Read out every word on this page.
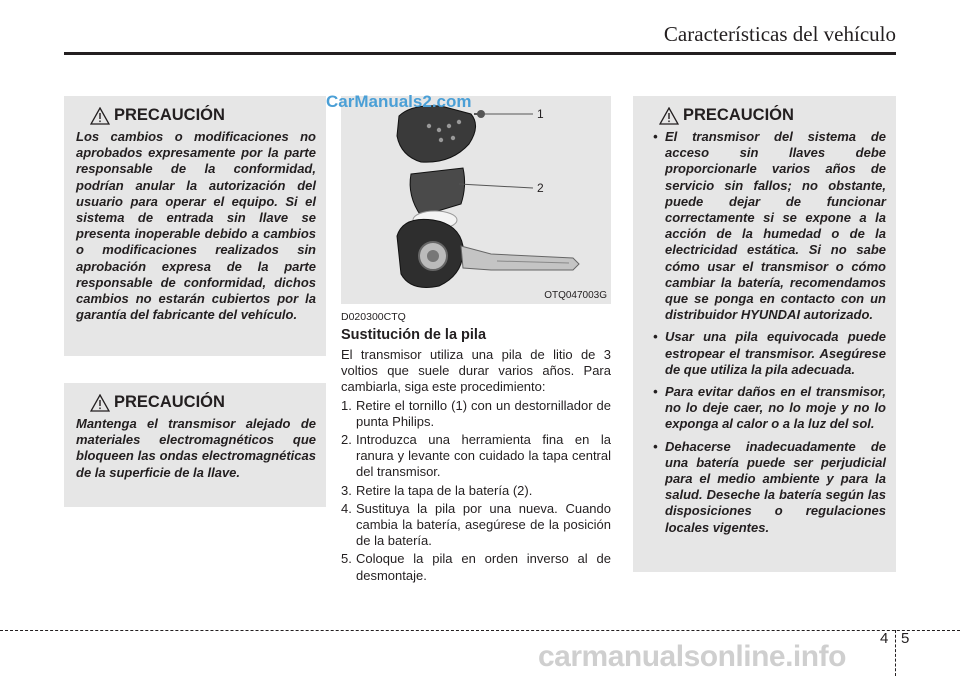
Características del vehículo
PRECAUCIÓN
Los cambios o modificaciones no aprobados expresamente por la parte responsable de la conformidad, podrían anular la autorización del usuario para operar el equipo. Si el sistema de entrada sin llave se presenta inoperable debido a cambios o modificaciones realizados sin aprobación expresa de la parte responsable de conformidad, dichos cambios no estarán cubiertos por la garantía del fabricante del vehículo.
PRECAUCIÓN
Mantenga el transmisor alejado de materiales electromagnéticos que bloqueen las ondas electromagnéticas de la superficie de la llave.
1
2
OTQ047003G
CarManuals2.com
D020300CTQ
Sustitución de la pila

El transmisor utiliza una pila de litio de 3 voltios que suele durar varios años. Para cambiarla, siga este procedimiento:

1. Retire el tornillo (1) con un destornillador de punta Philips.
2. Introduzca una herramienta fina en la ranura y levante con cuidado la tapa central del transmisor.
3. Retire la tapa de la batería (2).
4. Sustituya la pila por una nueva. Cuando cambia la batería, asegúrese de la posición de la batería.
5. Coloque la pila en orden inverso al de desmontaje.
PRECAUCIÓN
• El transmisor del sistema de acceso sin llaves debe proporcionarle varios años de servicio sin fallos; no obstante, puede dejar de funcionar correctamente si se expone a la acción de la humedad o de la electricidad estática. Si no sabe cómo usar el transmisor o cómo cambiar la batería, recomendamos que se ponga en contacto con un distribuidor HYUNDAI autorizado.
• Usar una pila equivocada puede estropear el transmisor. Asegúrese de que utiliza la pila adecuada.
• Para evitar daños en el transmisor, no lo deje caer, no lo moje y no lo exponga al calor o a la luz del sol.
• Dehacerse inadecuadamente de una batería puede ser perjudicial para el medio ambiente y para la salud. Deseche la batería según las disposiciones o regulaciones locales vigentes.
4 5
carmanualsonline.info
